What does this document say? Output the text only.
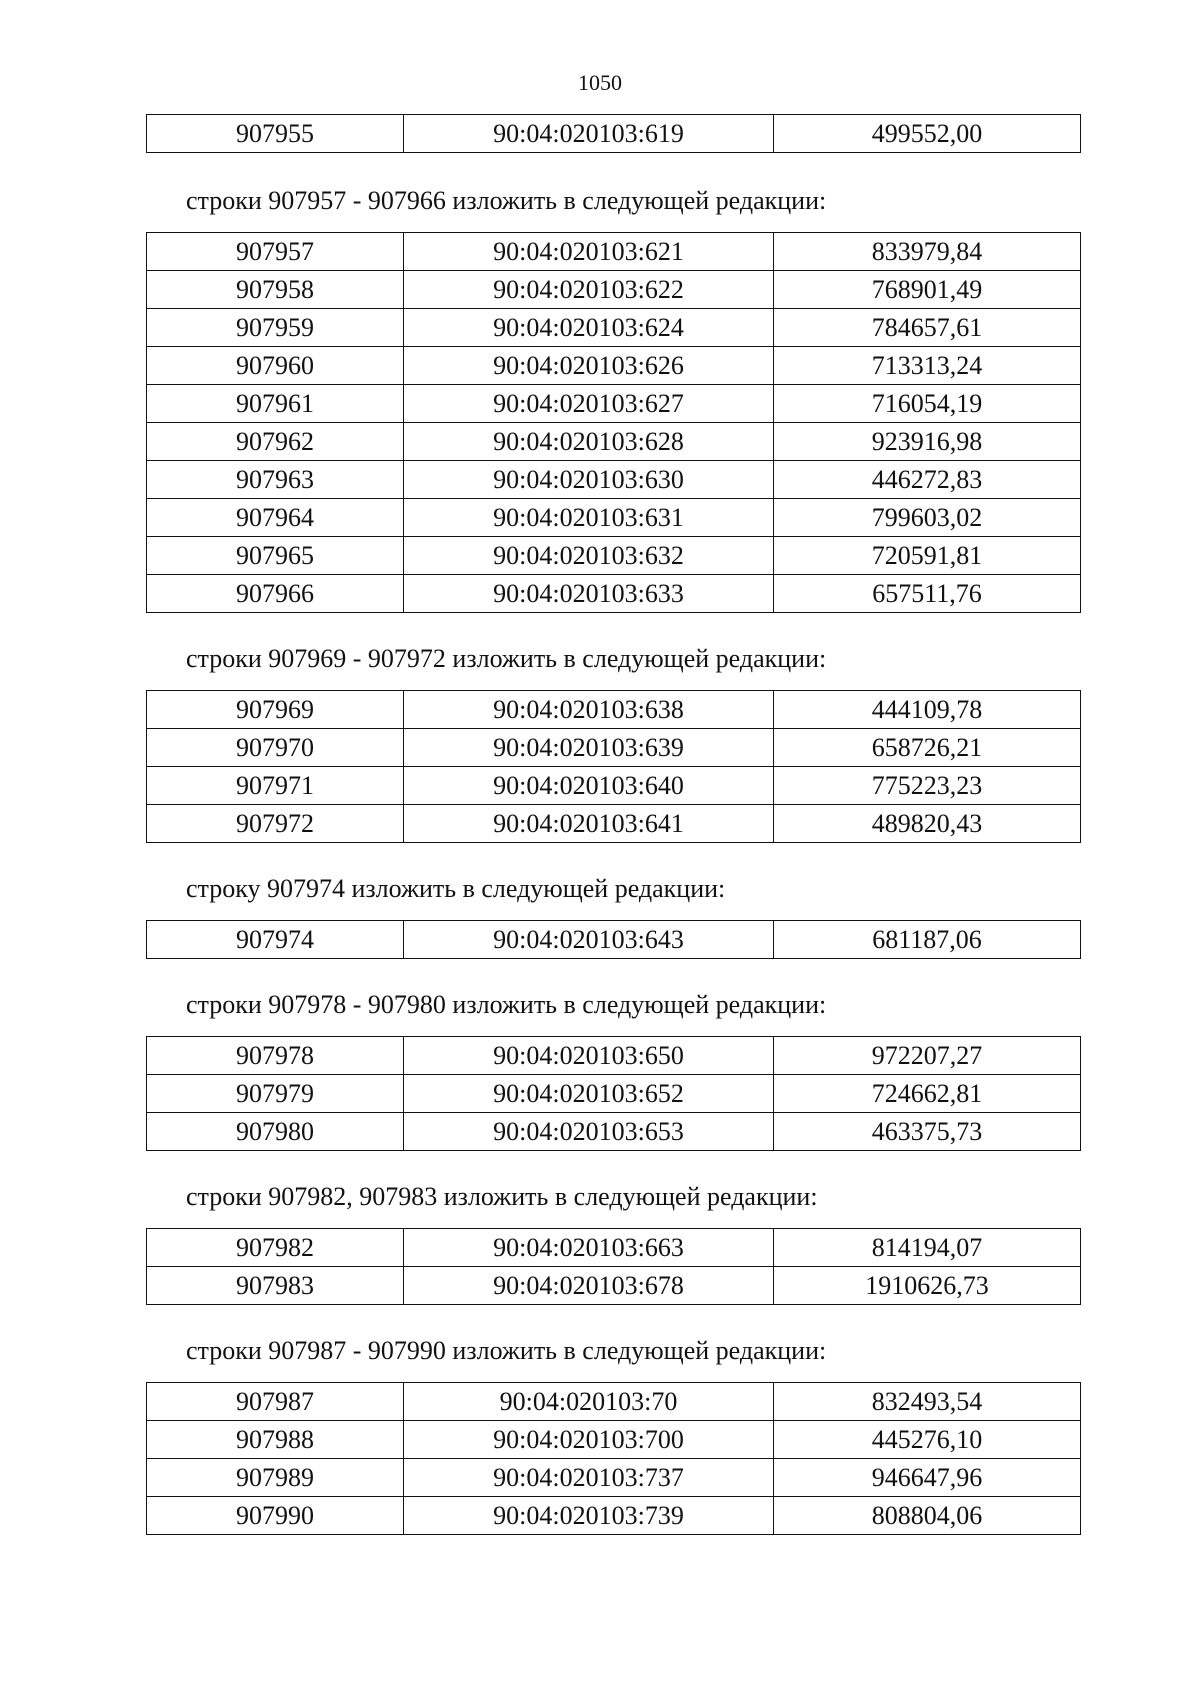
1050
907955	90:04:020103:619	499552,00
строки 907957 - 907966 изложить в следующей редакции:
907957	90:04:020103:621	833979,84
907958	90:04:020103:622	768901,49
907959	90:04:020103:624	784657,61
907960	90:04:020103:626	713313,24
907961	90:04:020103:627	716054,19
907962	90:04:020103:628	923916,98
907963	90:04:020103:630	446272,83
907964	90:04:020103:631	799603,02
907965	90:04:020103:632	720591,81
907966	90:04:020103:633	657511,76
строки 907969 - 907972 изложить в следующей редакции:
907969	90:04:020103:638	444109,78
907970	90:04:020103:639	658726,21
907971	90:04:020103:640	775223,23
907972	90:04:020103:641	489820,43
строку 907974 изложить в следующей редакции:
907974	90:04:020103:643	681187,06
строки 907978 - 907980 изложить в следующей редакции:
907978	90:04:020103:650	972207,27
907979	90:04:020103:652	724662,81
907980	90:04:020103:653	463375,73
строки 907982, 907983 изложить в следующей редакции:
907982	90:04:020103:663	814194,07
907983	90:04:020103:678	1910626,73
строки 907987 - 907990 изложить в следующей редакции:
907987	90:04:020103:70	832493,54
907988	90:04:020103:700	445276,10
907989	90:04:020103:737	946647,96
907990	90:04:020103:739	808804,06
